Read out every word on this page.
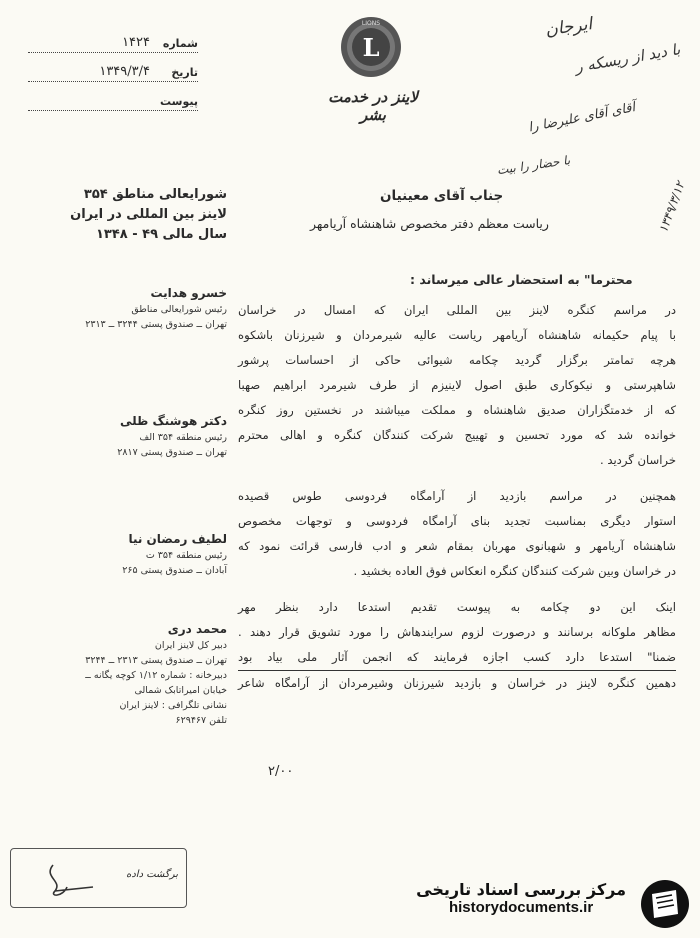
شماره
۱۴۲۴
تاریخ
۱۳۴۹/۳/۴
پیوست
LIONS
L
لاینز در خدمت بشر
ایرجان
با دید از ریسکه ر
آقای آقای علیرضا را
با حضار را بیت
۱۳۴۹/۳/۱۲
شورایعالی مناطق ۳۵۴
لاینز بین المللی در ایران
سال مالی ۴۹ - ۱۳۴۸
خسرو هدایت
رئیس شورایعالی مناطق
تهران ــ صندوق پستی ۳۲۴۴ ــ ۲۳۱۳
دکتر هوشنگ ظلی
رئیس منطقه ۳۵۴ الف
تهران ــ صندوق پستی ۲۸۱۷
لطیف رمضان نیا
رئیس منطقه ۳۵۴ ت
آبادان ــ صندوق پستی ۲۶۵
محمد دری
دبیر کل لاینز ایران
تهران ــ صندوق پستی ۲۳۱۳ ــ ۳۲۴۴
دبیرخانه : شماره ۱/۱۲ کوچه یگانه ــ
خیابان امیراتابک شمالی
نشانی تلگرافی : لاینز ایران
تلفن ۶۲۹۴۶۷
جناب آقای معینیان
ریاست معظم دفتر مخصوص شاهنشاه آریامهر
محترما" به استحضار عالی میرساند :
در مراسم کنگره لاینز بین المللی ایران که امسال در خراسان
با پیام حکیمانه شاهنشاه آریامهر ریاست عالیه شیرمردان و شیرزنان باشکوه
هرچه تمامتر برگزار گردید چکامه شیوائی حاکی از احساسات پرشور
شاهپرستی و نیکوکاری طبق اصول لاینیزم از طرف شیرمرد ابراهیم صهبا
که از خدمتگزاران صدیق شاهنشاه و مملکت میباشند در نخستین روز کنگره
خوانده شد که مورد تحسین و تهییج شرکت کنندگان کنگره و اهالی محترم
خراسان گردید .
همچنین در مراسم بازدید از آرامگاه فردوسی طوس قصیده
استوار دیگری بمناسبت تجدید بنای آرامگاه فردوسی و توجهات مخصوص
شاهنشاه آریامهر و شهبانوی مهربان بمقام شعر و ادب فارسی قرائت نمود که
در خراسان وبین شرکت کنندگان کنگره انعکاس فوق العاده بخشید .
اینک این دو چکامه به پیوست تقدیم استدعا دارد بنظر مهر
مظاهر ملوکانه برسانند و درصورت لزوم سرایندهاش را مورد تشویق قرار دهند .
ضمنا" استدعا دارد کسب اجازه فرمایند که انجمن آثار ملی بیاد بود
دهمین کنگره لاینز در خراسان و بازدید شیرزنان وشیرمردان از آرامگاه شاعر
۲/۰۰
برگشت داده
مرکز بررسی اسناد تاریخی
historydocuments.ir
